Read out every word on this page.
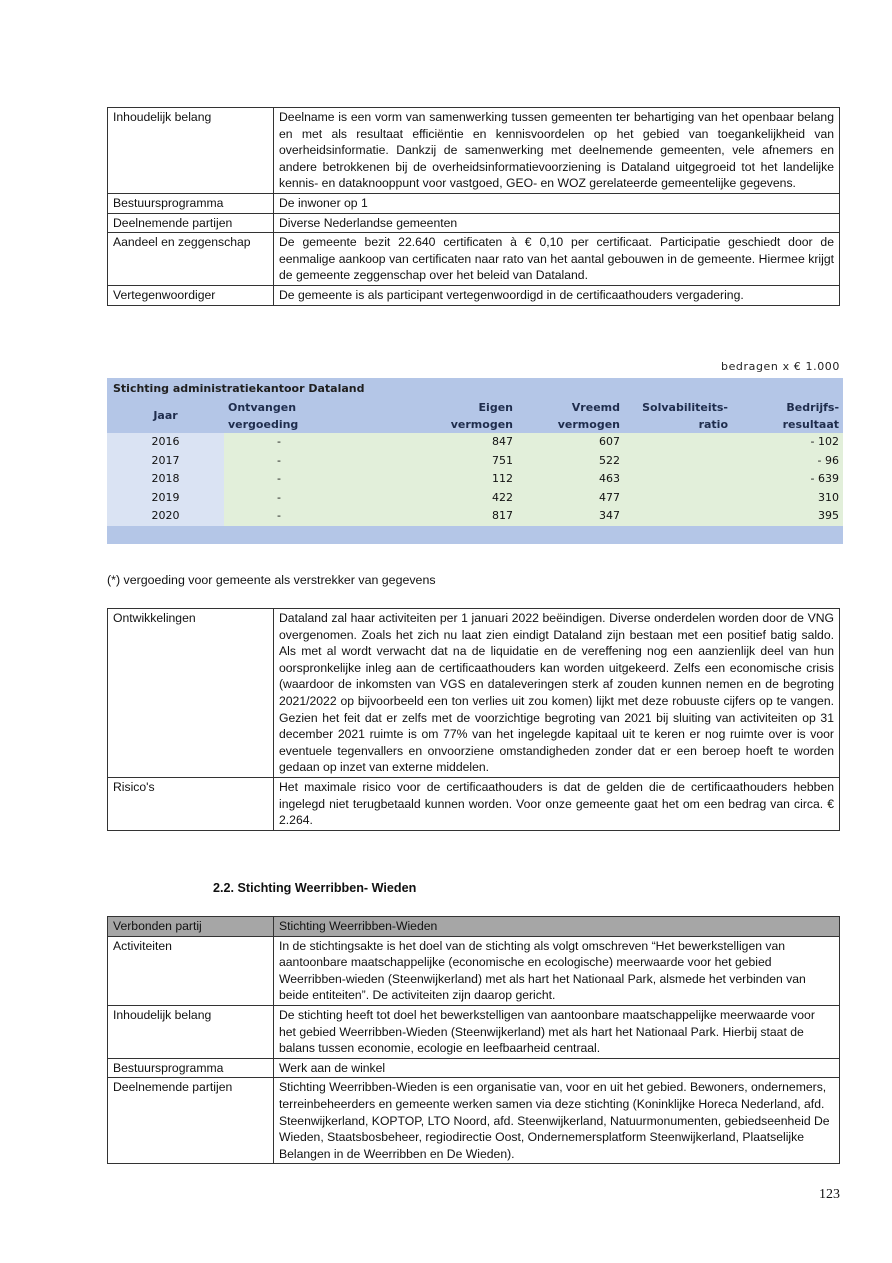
Inhoudelijk belang	Deelname is een vorm van samenwerking tussen gemeenten ter behartiging van het openbaar belang en met als resultaat efficiëntie en kennisvoordelen op het gebied van toegankelijkheid van overheidsinformatie. Dankzij de samenwerking met deelnemende gemeenten, vele afnemers en andere betrokkenen bij de overheidsinformatievoorziening is Dataland uitgegroeid tot het landelijke kennis- en dataknooppunt voor vastgoed, GEO- en WOZ gerelateerde gemeentelijke gegevens.
Bestuursprogramma	De inwoner op 1
Deelnemende partijen	Diverse Nederlandse gemeenten
Aandeel en zeggenschap	De gemeente bezit 22.640 certificaten à € 0,10 per certificaat. Participatie geschiedt door de eenmalige aankoop van certificaten naar rato van het aantal gebouwen in de gemeente. Hiermee krijgt de gemeente zeggenschap over het beleid van Dataland.
Vertegenwoordiger	De gemeente is als participant vertegenwoordigd in de certificaathouders vergadering.
bedragen x € 1.000
Stichting administratiekantoor Dataland					
Jaar	Ontvangen	Eigen	Vreemd	Solvabiliteits-	Bedrijfs-
	vergoeding	vermogen	vermogen	ratio	resultaat
2016	-	847	607		- 102
2017	-	751	522		- 96
2018	-	112	463		- 639
2019	-	422	477		310
2020	-	817	347		395

(*) vergoeding voor gemeente als verstrekker van gegevens
Ontwikkelingen	Dataland zal haar activiteiten per 1 januari 2022 beëindigen. Diverse onderdelen worden door de VNG overgenomen. Zoals het zich nu laat zien eindigt Dataland zijn bestaan met een positief batig saldo. Als met al wordt verwacht dat na de liquidatie en de vereffening nog een aanzienlijk deel van hun oorspronkelijke inleg aan de certificaathouders kan worden uitgekeerd. Zelfs een economische crisis (waardoor de inkomsten van VGS en dataleveringen sterk af zouden kunnen nemen en de begroting 2021/2022 op bijvoorbeeld een ton verlies uit zou komen) lijkt met deze robuuste cijfers op te vangen. Gezien het feit dat er zelfs met de voorzichtige begroting van 2021 bij sluiting van activiteiten op 31 december 2021 ruimte is om 77% van het ingelegde kapitaal uit te keren er nog ruimte over is voor eventuele tegenvallers en onvoorziene omstandigheden zonder dat er een beroep hoeft te worden gedaan op inzet van externe middelen.
Risico's	Het maximale risico voor de certificaathouders is dat de gelden die de certificaathouders hebben ingelegd niet terugbetaald kunnen worden. Voor onze gemeente gaat het om een bedrag van circa. € 2.264.
2.2. Stichting Weerribben- Wieden
Verbonden partij	Stichting Weerribben-Wieden
Activiteiten	In de stichtingsakte is het doel van de stichting als volgt omschreven “Het bewerkstelligen van aantoonbare maatschappelijke (economische en ecologische) meerwaarde voor het gebied Weerribben-wieden (Steenwijkerland) met als hart het Nationaal Park, alsmede het verbinden van beide entiteiten”. De activiteiten zijn daarop gericht.
Inhoudelijk belang	De stichting heeft tot doel het bewerkstelligen van aantoonbare maatschappelijke meerwaarde voor het gebied Weerribben-Wieden (Steenwijkerland) met als hart het Nationaal Park. Hierbij staat de balans tussen economie, ecologie en leefbaarheid centraal.
Bestuursprogramma	Werk aan de winkel
Deelnemende partijen	Stichting Weerribben-Wieden is een organisatie van, voor en uit het gebied. Bewoners, ondernemers, terreinbeheerders en gemeente werken samen via deze stichting (Koninklijke Horeca Nederland, afd. Steenwijkerland, KOPTOP, LTO Noord, afd. Steenwijkerland, Natuurmonumenten, gebiedseenheid De Wieden, Staatsbosbeheer, regiodirectie Oost, Ondernemersplatform Steenwijkerland, Plaatselijke Belangen in de Weerribben en De Wieden).
123
